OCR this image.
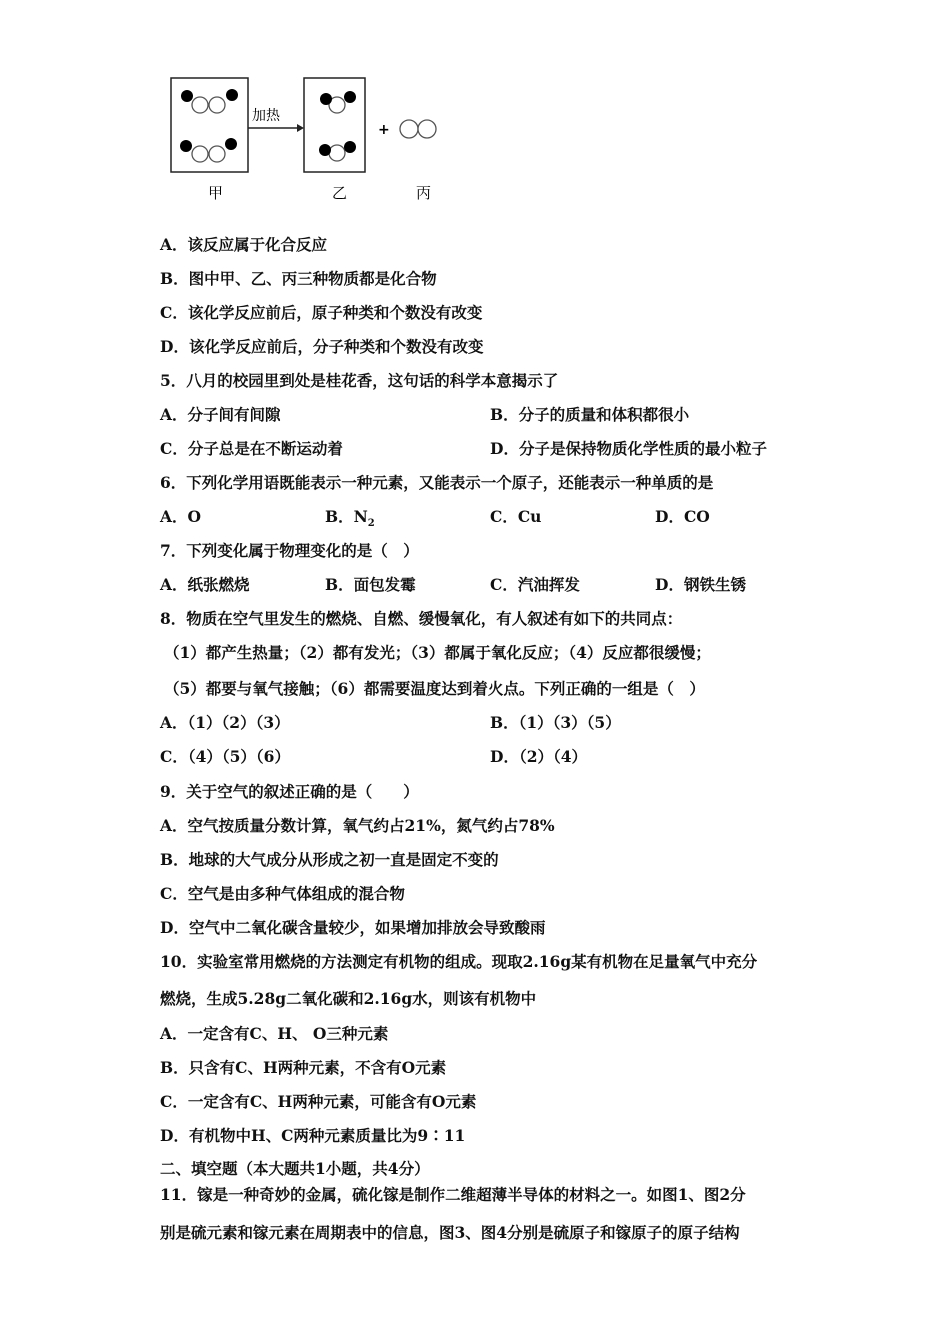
加热
+
甲	乙	丙
A．该反应属于化合反应
B．图中甲、乙、丙三种物质都是化合物
C．该化学反应前后，原子种类和个数没有改变
D．该化学反应前后，分子种类和个数没有改变
5．八月的校园里到处是桂花香，这句话的科学本意揭示了
A．分子间有间隙	B．分子的质量和体积都很小
C．分子总是在不断运动着	D．分子是保持物质化学性质的最小粒子
6．下列化学用语既能表示一种元素，又能表示一个原子，还能表示一种单质的是
A．O	B．$N_2$	C．Cu	D．CO
7．下列变化属于物理变化的是（　）
A．纸张燃烧	B．面包发霉	C．汽油挥发	D．钢铁生锈
8．物质在空气里发生的燃烧、自燃、缓慢氧化，有人叙述有如下的共同点：
（1）都产生热量；（2）都有发光；（3）都属于氧化反应；（4）反应都很缓慢；
（5）都要与氧气接触；（6）都需要温度达到着火点。下列正确的一组是（　）
A．（1）（2）（3）	B．（1）（3）（5）
C．（4）（5）（6）	D．（2）（4）
9．关于空气的叙述正确的是（　　）
A．空气按质量分数计算，氧气约占21%，氮气约占78%
B．地球的大气成分从形成之初一直是固定不变的
C．空气是由多种气体组成的混合物
D．空气中二氧化碳含量较少，如果增加排放会导致酸雨
10．实验室常用燃烧的方法测定有机物的组成。现取2.16g某有机物在足量氧气中充分
燃烧，生成5.28g二氧化碳和2.16g水，则该有机物中
A．一定含有C、H、 O三种元素
B．只含有C、H两种元素，不含有O元素
C．一定含有C、H两种元素，可能含有O元素
D．有机物中H、C两种元素质量比为9∶11
二、填空题（本大题共1小题，共4分）
11．镓是一种奇妙的金属，硫化镓是制作二维超薄半导体的材料之一。如图1、图2分
别是硫元素和镓元素在周期表中的信息，图3、图4分别是硫原子和镓原子的原子结构
